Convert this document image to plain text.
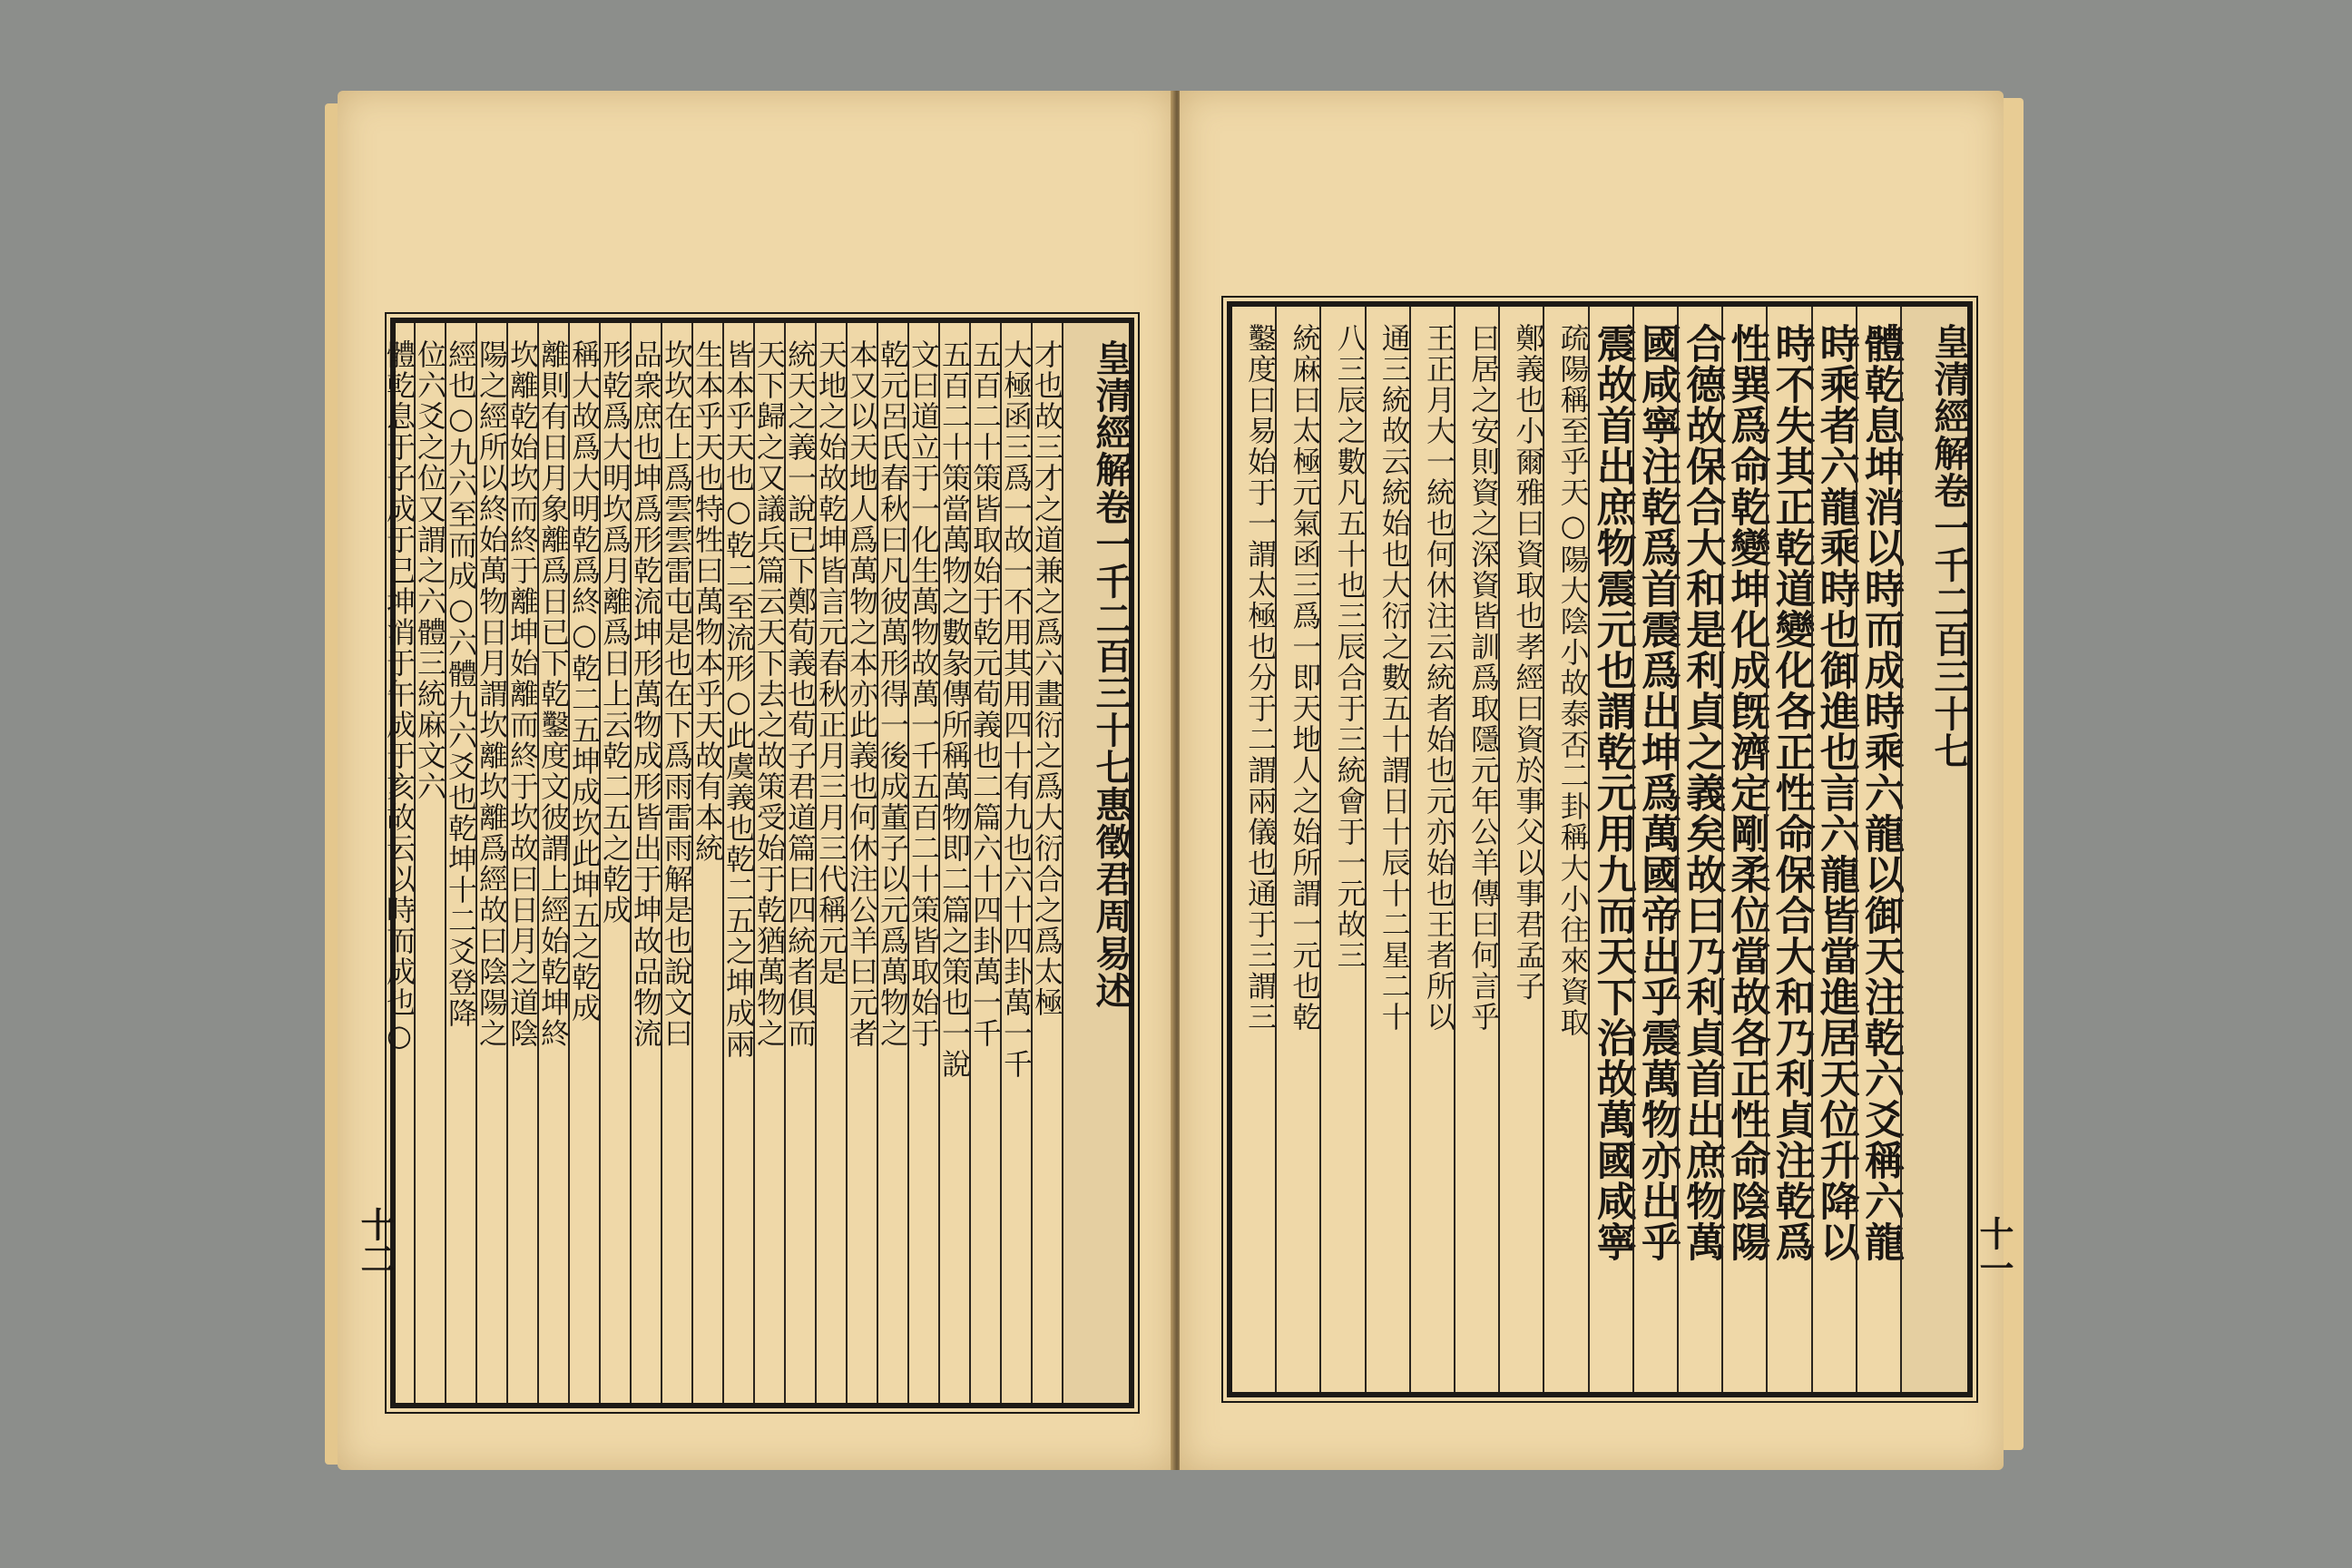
皇清經解卷一千二百三十七惠徵君周易述
才也故三才之道兼之爲六畫衍之爲大衍合之爲太極
大極函三爲一故一不用其用四十有九也六十四卦萬一千
五百二十策皆取始于乾元荀義也二篇六十四卦萬一千
五百二十策當萬物之數彖傳所稱萬物即二篇之策也一說
文曰道立于一化生萬物故萬一千五百二十策皆取始于
乾元呂氏春秋曰凡彼萬形得一後成董子以元爲萬物之
本又以天地人爲萬物之本亦此義也何休注公羊曰元者
天地之始故乾坤皆言元春秋正月三月三代稱元是
統天之義一說已下鄭荀義也荀子君道篇曰四統者俱而
天下歸之又議兵篇云天下去之故策受始于乾猶萬物之
皆本乎天也○乾二至流形○此虞義也乾二五之坤成兩
生本乎天也特牲曰萬物本乎天故有本統
坎坎在上爲雲雲雷屯是也在下爲雨雷雨解是也說文曰
品衆庶也坤爲形乾流坤形萬物成形皆出于坤故品物流
形乾爲大明坎爲月離爲日上云乾二五之乾成
稱大故爲大明乾爲終○乾二五坤成坎此坤五之乾成
離則有日月象離爲日已下乾鑿度文彼謂上經始乾坤終
坎離乾始坎而終于離坤始離而終于坎故曰日月之道陰
陽之經所以終始萬物日月謂坎離坎離爲經故曰陰陽之
經也○九六至而成○六體九六爻也乾坤十二爻登降
位六爻之位又謂之六體三統麻文六
體乾息于子成于巳坤消于午成于亥故云以時而成也○
十二
皇清經解卷一千二百三十七
體乾息坤消以時而成時乘六龍以御天注乾六爻稱六龍
時乘者六龍乘時也御進也言六龍皆當進居天位升降以
時不失其正乾道變化各正性命保合大和乃利貞注乾爲
性巽爲命乾變坤化成旣濟定剛柔位當故各正性命陰陽
合德故保合大和是利貞之義矣故曰乃利貞首出庶物萬
國咸寧注乾爲首震爲出坤爲萬國帝出乎震萬物亦出乎
震故首出庶物震元也謂乾元用九而天下治故萬國咸寧
疏陽稱至乎天○陽大陰小故泰否二卦稱大小往來資取
鄭義也小爾雅曰資取也孝經曰資於事父以事君孟子
曰居之安則資之深資皆訓爲取隱元年公羊傳曰何言乎
王正月大一統也何休注云統者始也元亦始也王者所以
通三統故云統始也大衍之數五十謂日十辰十二星二十
八三辰之數凡五十也三辰合于三統會于一元故三
統麻曰太極元氣函三爲一即天地人之始所謂一元也乾
鑿度曰易始于一謂太極也分于二謂兩儀也通于三謂三
十一
